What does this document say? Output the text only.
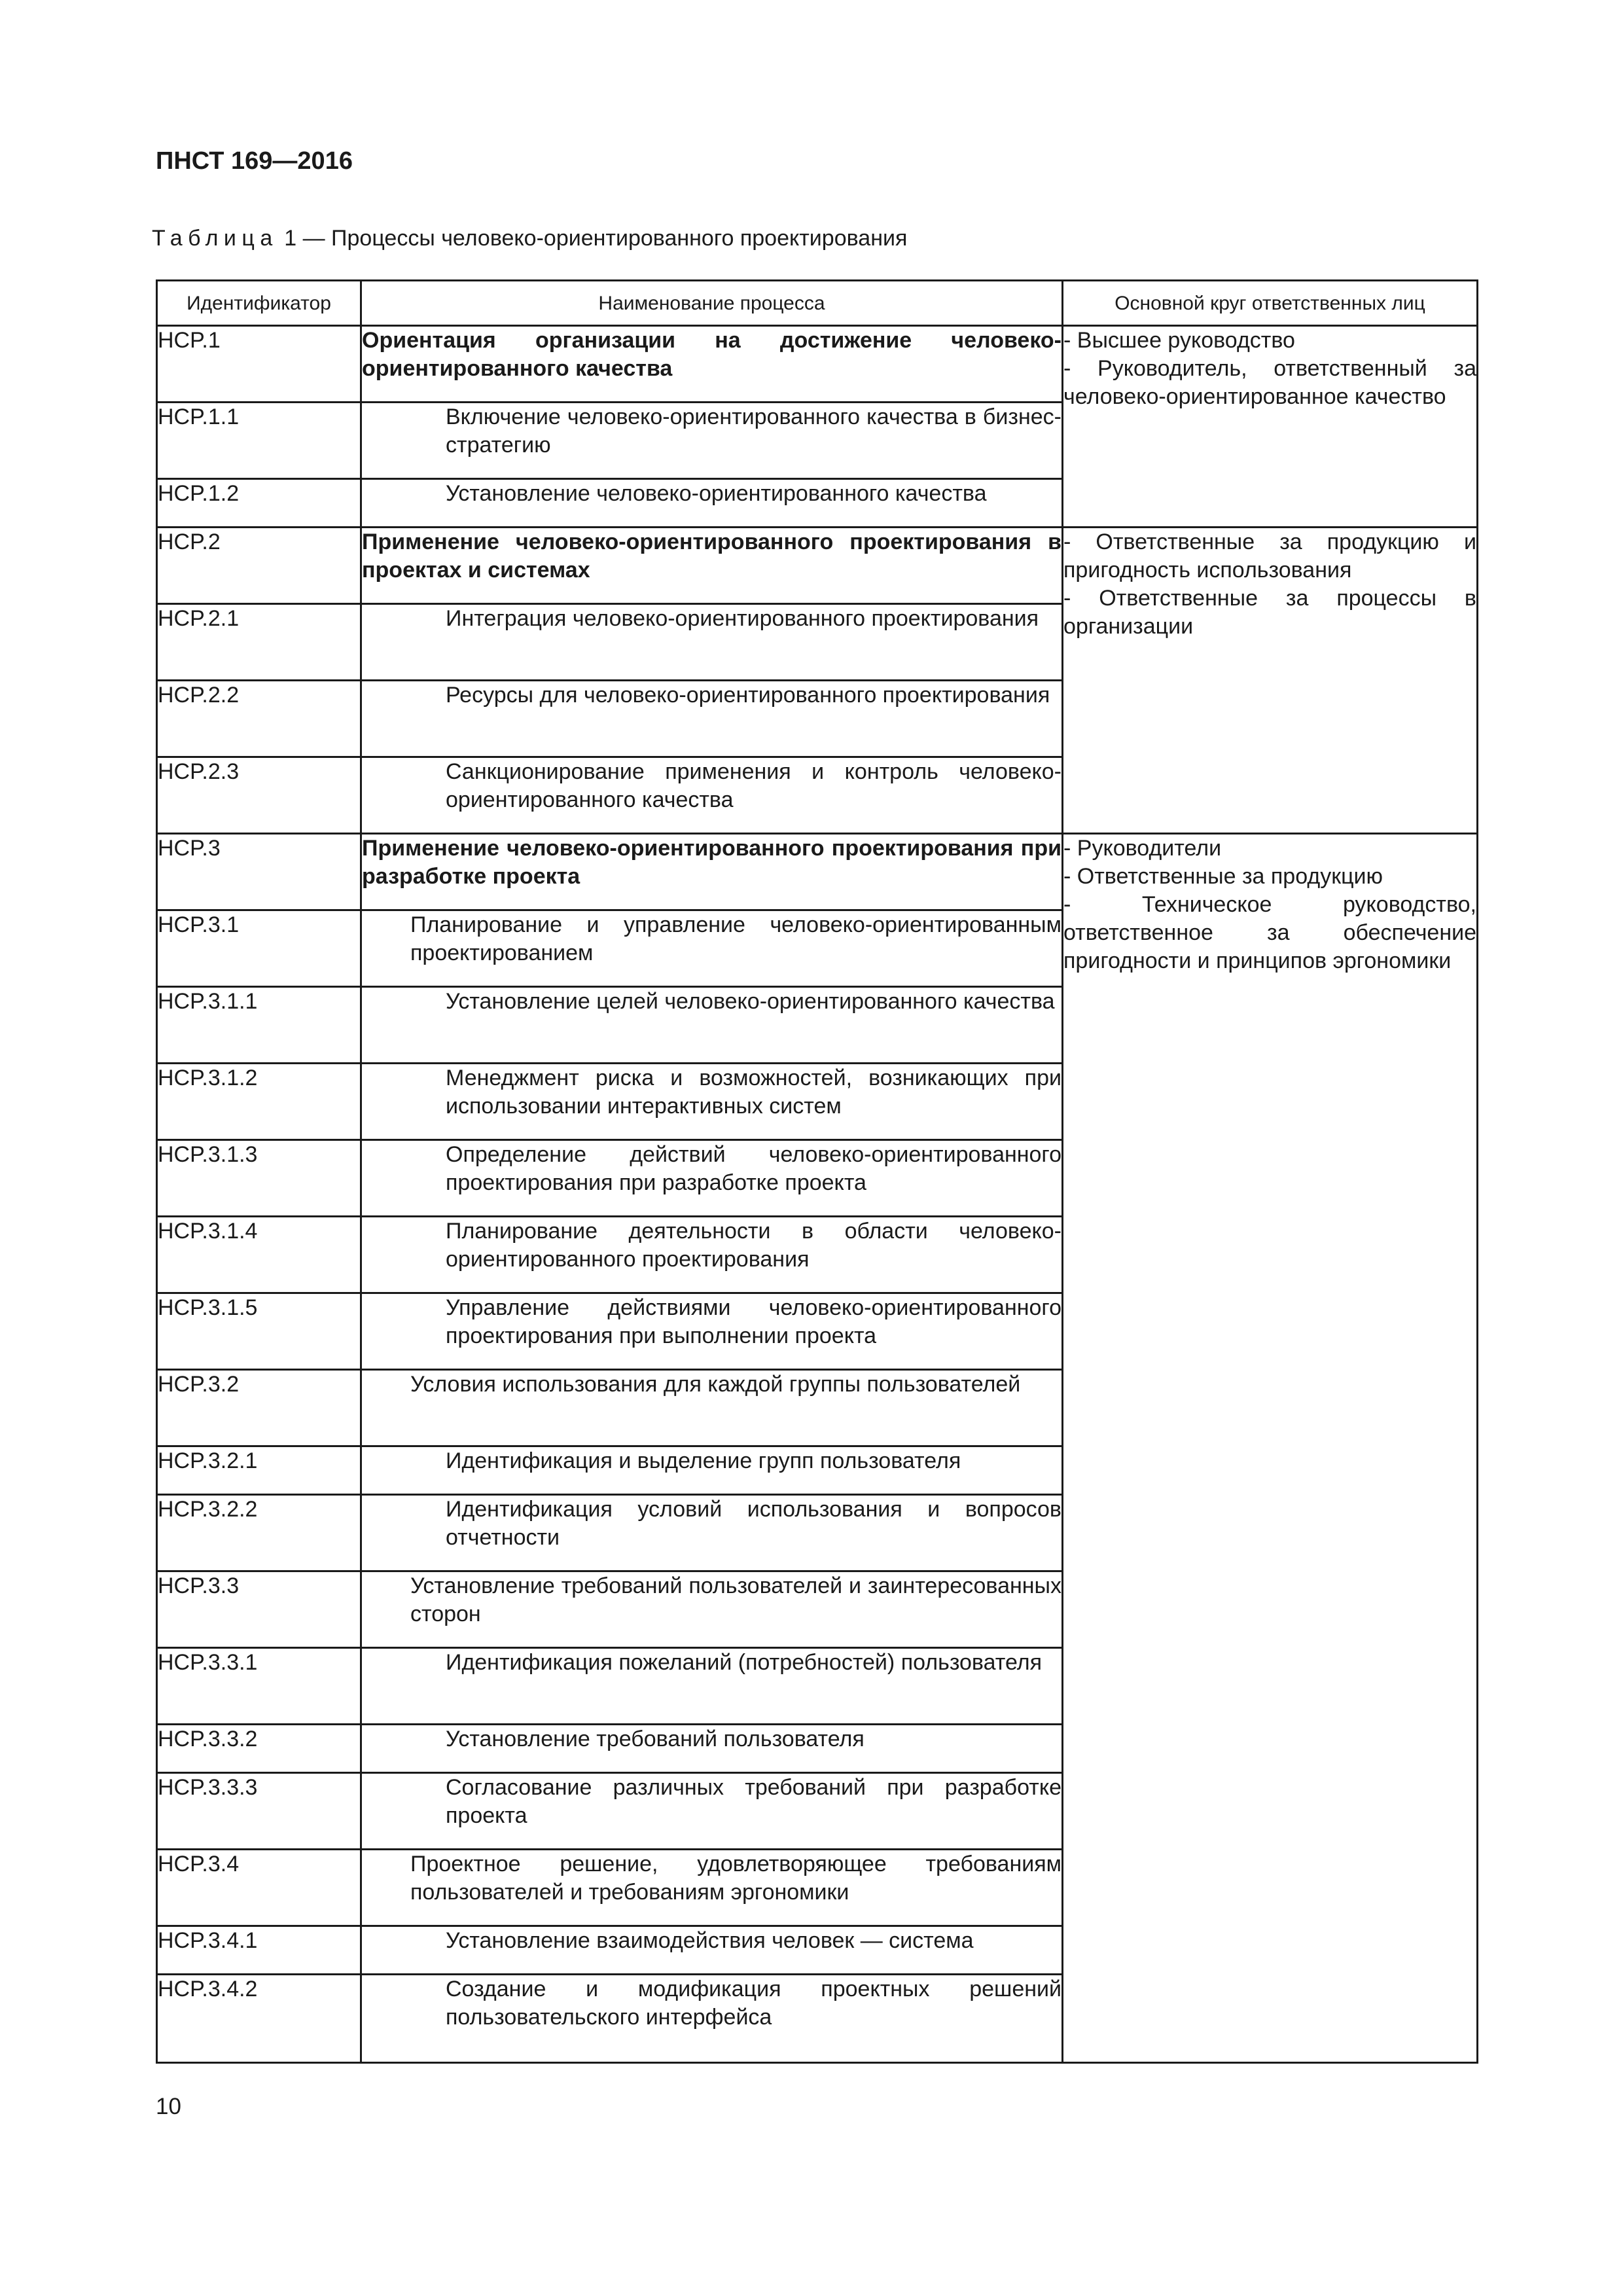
ПНСТ 169—2016
Таблица 1 — Процессы человеко-ориентированного проектирования
Идентификатор	Наименование процесса	Основной круг ответственных лиц
HCP.1	Ориентация организации на достижение человеко-ориентированного качества	- Высшее руководство
- Руководитель, ответственный за человеко-ориентированное качество

HCP.1.1	Включение человеко-ориентированного качества в бизнес-стратегию	
HCP.1.2	Установление человеко-ориентированного качества	
HCP.2	Применение человеко-ориентированного проектирования в проектах и системах	- Ответственные за продукцию и пригодность использования
- Ответственные за процессы в организации

HCP.2.1	Интеграция человеко-ориентированного проектирования	
HCP.2.2	Ресурсы для человеко-ориентированного проектирования	
HCP.2.3	Санкционирование применения и контроль человеко-ориентированного качества	
HCP.3	Применение человеко-ориентированного проектирования при разработке проекта	- Руководители
- Ответственные за продукцию
- Техническое руководство, ответственное за обеспечение пригодности и принципов эргономики

HCP.3.1	Планирование и управление человеко-ориентированным проектированием	
HCP.3.1.1	Установление целей человеко-ориентированного качества	
HCP.3.1.2	Менеджмент риска и возможностей, возникающих при использовании интерактивных систем	
HCP.3.1.3	Определение действий человеко-ориентированного проектирования при разработке проекта	
HCP.3.1.4	Планирование деятельности в области человеко-ориентированного проектирования	
HCP.3.1.5	Управление действиями человеко-ориентированного проектирования при выполнении проекта	
HCP.3.2	Условия использования для каждой группы пользователей	
HCP.3.2.1	Идентификация и выделение групп пользователя	
HCP.3.2.2	Идентификация условий использования и вопросов отчетности	
HCP.3.3	Установление требований пользователей и заинтересованных сторон	
HCP.3.3.1	Идентификация пожеланий (потребностей) пользователя	
HCP.3.3.2	Установление требований пользователя	
HCP.3.3.3	Согласование различных требований при разработке проекта	
HCP.3.4	Проектное решение, удовлетворяющее требованиям пользователей и требованиям эргономики	
HCP.3.4.1	Установление взаимодействия человек — система	
HCP.3.4.2	Создание и модификация проектных решений пользовательского интерфейса	
10
